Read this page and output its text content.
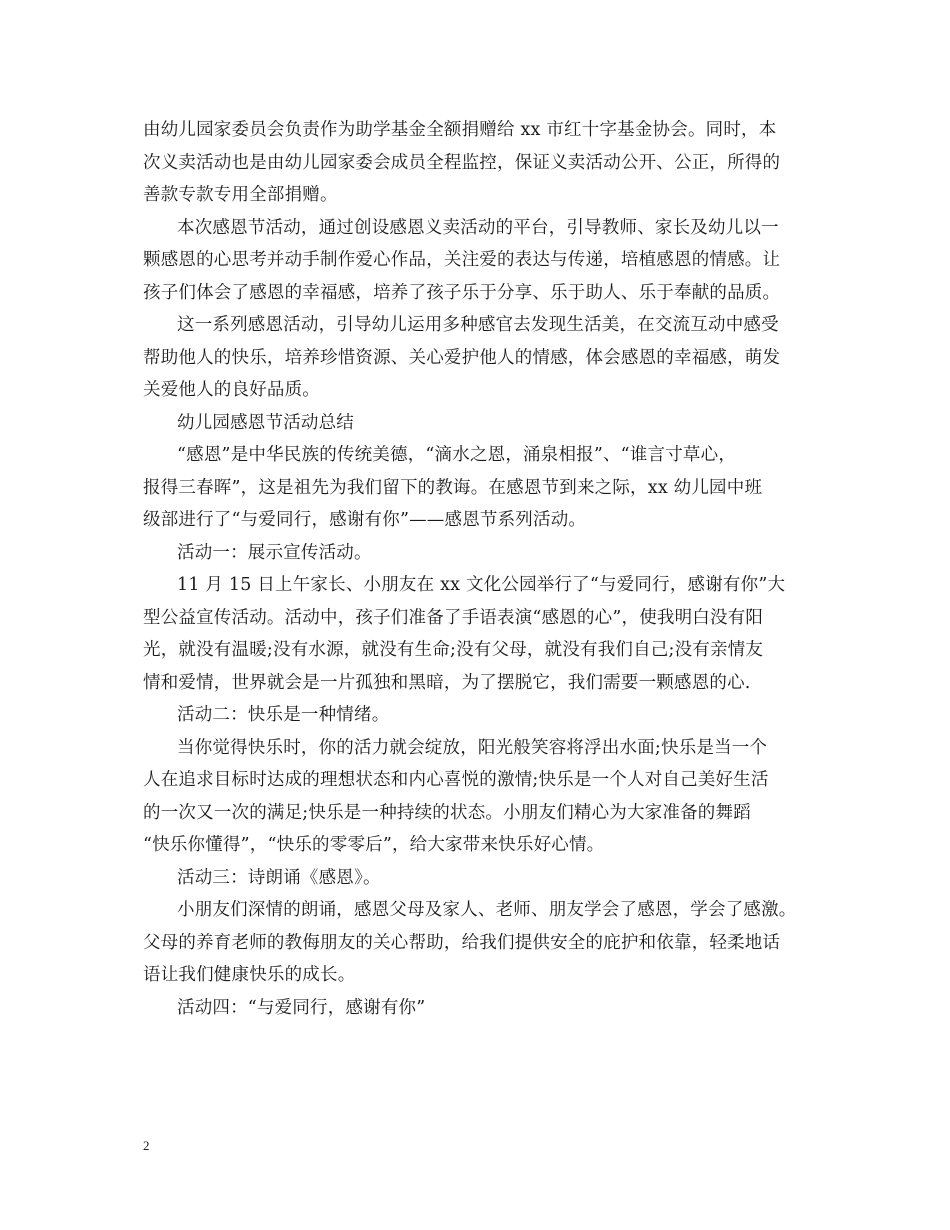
由幼儿园家委员会负责作为助学基金全额捐赠给 xx 市红十字基金协会。同时，本
次义卖活动也是由幼儿园家委会成员全程监控，保证义卖活动公开、公正，所得的
善款专款专用全部捐赠。
本次感恩节活动，通过创设感恩义卖活动的平台，引导教师、家长及幼儿以一
颗感恩的心思考并动手制作爱心作品，关注爱的表达与传递，培植感恩的情感。让
孩子们体会了感恩的幸福感，培养了孩子乐于分享、乐于助人、乐于奉献的品质。
这一系列感恩活动，引导幼儿运用多种感官去发现生活美，在交流互动中感受
帮助他人的快乐，培养珍惜资源、关心爱护他人的情感，体会感恩的幸福感，萌发
关爱他人的良好品质。
幼儿园感恩节活动总结
“感恩”是中华民族的传统美德，“滴水之恩，涌泉相报”、“谁言寸草心，
报得三春晖”，这是祖先为我们留下的教诲。在感恩节到来之际，xx 幼儿园中班
级部进行了“与爱同行，感谢有你”——感恩节系列活动。
活动一：展示宣传活动。
11 月 15 日上午家长、小朋友在 xx 文化公园举行了“与爱同行，感谢有你”大
型公益宣传活动。活动中，孩子们准备了手语表演“感恩的心”，使我明白没有阳
光，就没有温暖;没有水源，就没有生命;没有父母，就没有我们自己;没有亲情友
情和爱情，世界就会是一片孤独和黑暗，为了摆脱它，我们需要一颗感恩的心.
活动二：快乐是一种情绪。
当你觉得快乐时，你的活力就会绽放，阳光般笑容将浮出水面;快乐是当一个
人在追求目标时达成的理想状态和内心喜悦的激情;快乐是一个人对自己美好生活
的一次又一次的满足;快乐是一种持续的状态。小朋友们精心为大家准备的舞蹈
“快乐你懂得”，“快乐的零零后”，给大家带来快乐好心情。
活动三：诗朗诵《感恩》。
小朋友们深情的朗诵，感恩父母及家人、老师、朋友学会了感恩，学会了感激。
父母的养育老师的教侮朋友的关心帮助，给我们提供安全的庇护和依靠，轻柔地话
语让我们健康快乐的成长。
活动四：“与爱同行，感谢有你”
2
